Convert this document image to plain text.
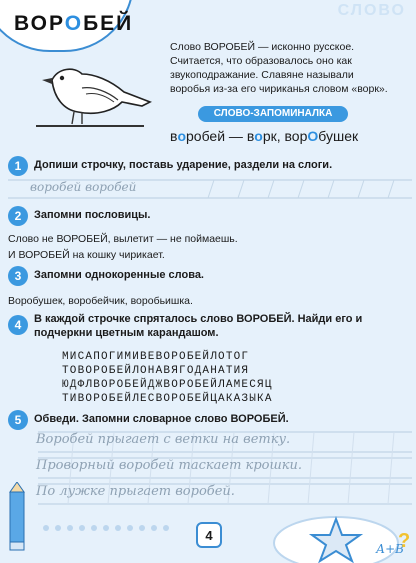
ВОРОБЕЙ
СЛОВО
Слово ВОРОБЕЙ — исконно русское. Считается, что образовалось оно как звукоподражание. Славяне называли воробья из-за его чириканья словом «ворк».
СЛОВО-ЗАПОМИНАЛКА
воробей — ворк, ворОбушек
1	Допиши строчку, поставь ударение, раздели на слоги.
воробей воробей
2	Запомни пословицы.
Слово не ВОРОБЕЙ, вылетит — не поймаешь.
И ВОРОБЕЙ на кошку чирикает.
3	Запомни однокоренные слова.
Воробушек, воробейчик, воробьишка.
4	В каждой строчке спряталось слово ВОРОБЕЙ. Найди его и подчеркни цветным карандашом.
МИСАПОГИМИВЕВОРОБЕЙЛОТОГ
ТОВОРОБЕЙЛОНАВЯГОДАНАТИЯ
ЮДФЛВОРОБЕЙДЖВОРОБЕЙЛАМЕСЯЦ
ТИВОРОБЕЙЛЕСВОРОБЕЙЦАКАЗЫКА
5	Обведи. Запомни словарное слово ВОРОБЕЙ.
Воробей прыгает с ветки на ветку.
Проворный воробей таскает крошки.
По лужке прыгает воробей.
4
А+В
?
